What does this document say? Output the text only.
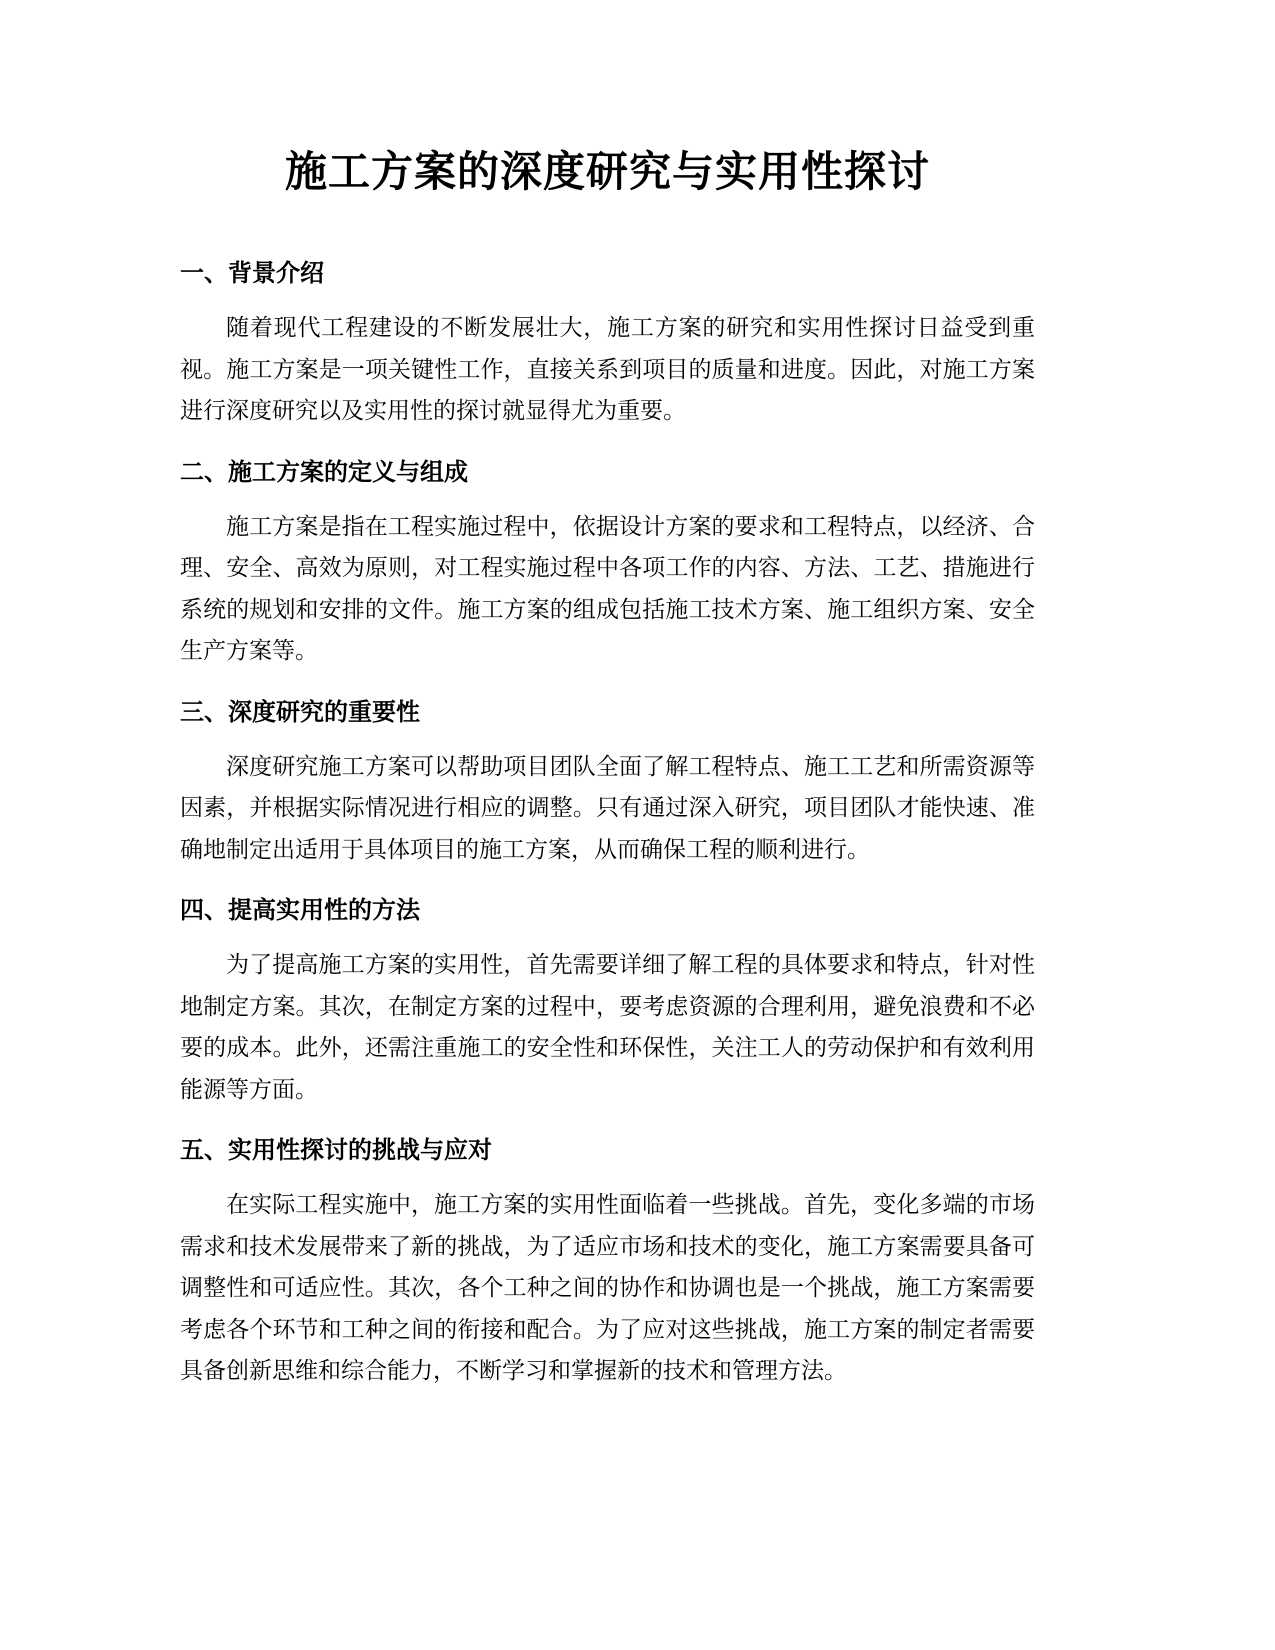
施工方案的深度研究与实用性探讨
一、背景介绍

随着现代工程建设的不断发展壮大，施工方案的研究和实用性探讨日益受到重视。施工方案是一项关键性工作，直接关系到项目的质量和进度。因此，对施工方案进行深度研究以及实用性的探讨就显得尤为重要。

二、施工方案的定义与组成

施工方案是指在工程实施过程中，依据设计方案的要求和工程特点，以经济、合理、安全、高效为原则，对工程实施过程中各项工作的内容、方法、工艺、措施进行系统的规划和安排的文件。施工方案的组成包括施工技术方案、施工组织方案、安全生产方案等。

三、深度研究的重要性

深度研究施工方案可以帮助项目团队全面了解工程特点、施工工艺和所需资源等因素，并根据实际情况进行相应的调整。只有通过深入研究，项目团队才能快速、准确地制定出适用于具体项目的施工方案，从而确保工程的顺利进行。

四、提高实用性的方法

为了提高施工方案的实用性，首先需要详细了解工程的具体要求和特点，针对性地制定方案。其次，在制定方案的过程中，要考虑资源的合理利用，避免浪费和不必要的成本。此外，还需注重施工的安全性和环保性，关注工人的劳动保护和有效利用能源等方面。

五、实用性探讨的挑战与应对

在实际工程实施中，施工方案的实用性面临着一些挑战。首先，变化多端的市场需求和技术发展带来了新的挑战，为了适应市场和技术的变化，施工方案需要具备可调整性和可适应性。其次，各个工种之间的协作和协调也是一个挑战，施工方案需要考虑各个环节和工种之间的衔接和配合。为了应对这些挑战，施工方案的制定者需要具备创新思维和综合能力，不断学习和掌握新的技术和管理方法。
